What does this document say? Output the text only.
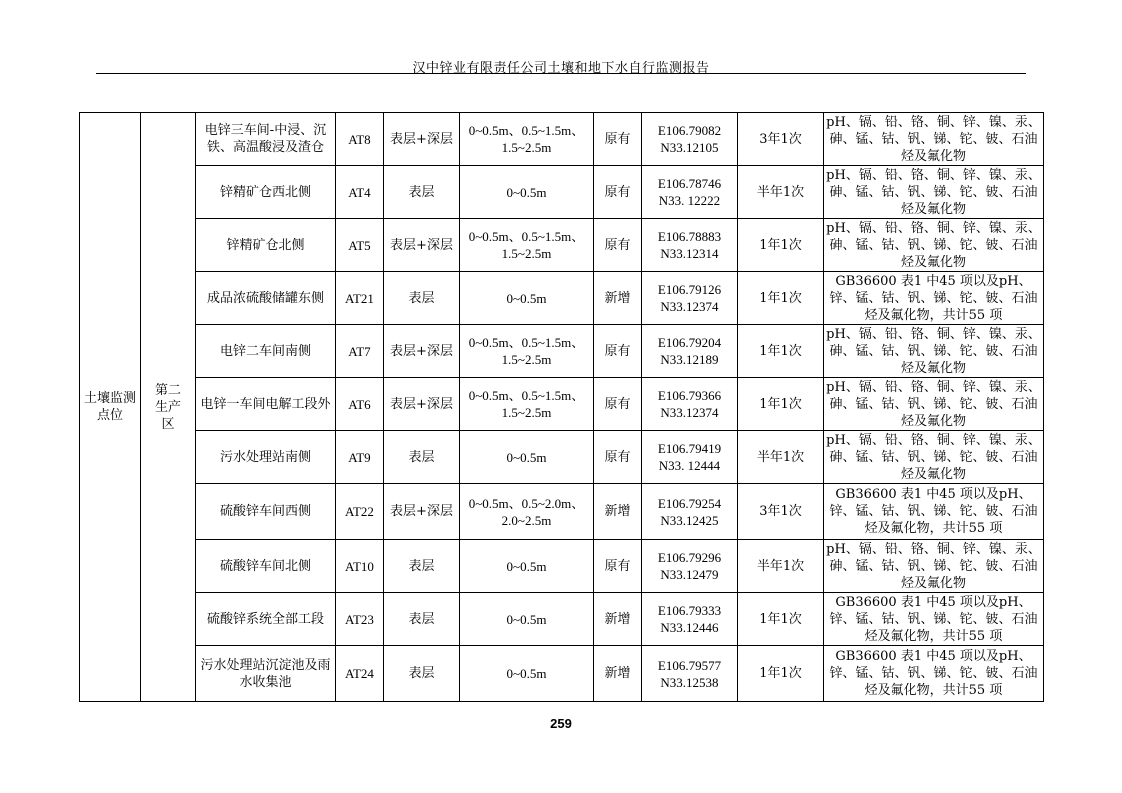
汉中锌业有限责任公司土壤和地下水自行监测报告
土壤监测点位	第二生产区	电锌三车间-中浸、沉铁、高温酸浸及渣仓	AT8	表层+深层	0~0.5m、0.5~1.5m、1.5~2.5m	原有	E106.79082
N33.12105	3年1次	pH、镉、铅、铬、铜、锌、镍、汞、砷、锰、钴、钒、锑、铊、铍、石油烃及氟化物
		锌精矿仓西北侧	AT4	表层	0~0.5m	原有	E106.78746
N33. 12222	半年1次	pH、镉、铅、铬、铜、锌、镍、汞、砷、锰、钴、钒、锑、铊、铍、石油烃及氟化物
		锌精矿仓北侧	AT5	表层+深层	0~0.5m、0.5~1.5m、1.5~2.5m	原有	E106.78883
N33.12314	1年1次	pH、镉、铅、铬、铜、锌、镍、汞、砷、锰、钴、钒、锑、铊、铍、石油烃及氟化物
		成品浓硫酸储罐东侧	AT21	表层	0~0.5m	新增	E106.79126
N33.12374	1年1次	GB36600 表1 中45 项以及pH、锌、锰、钴、钒、锑、铊、铍、石油烃及氟化物，共计55 项
		电锌二车间南侧	AT7	表层+深层	0~0.5m、0.5~1.5m、1.5~2.5m	原有	E106.79204
N33.12189	1年1次	pH、镉、铅、铬、铜、锌、镍、汞、砷、锰、钴、钒、锑、铊、铍、石油烃及氟化物
		电锌一车间电解工段外	AT6	表层+深层	0~0.5m、0.5~1.5m、1.5~2.5m	原有	E106.79366
N33.12374	1年1次	pH、镉、铅、铬、铜、锌、镍、汞、砷、锰、钴、钒、锑、铊、铍、石油烃及氟化物
		污水处理站南侧	AT9	表层	0~0.5m	原有	E106.79419
N33. 12444	半年1次	pH、镉、铅、铬、铜、锌、镍、汞、砷、锰、钴、钒、锑、铊、铍、石油烃及氟化物
		硫酸锌车间西侧	AT22	表层+深层	0~0.5m、0.5~2.0m、2.0~2.5m	新增	E106.79254
N33.12425	3年1次	GB36600 表1 中45 项以及pH、锌、锰、钴、钒、锑、铊、铍、石油烃及氟化物，共计55 项
		硫酸锌车间北侧	AT10	表层	0~0.5m	原有	E106.79296
N33.12479	半年1次	pH、镉、铅、铬、铜、锌、镍、汞、砷、锰、钴、钒、锑、铊、铍、石油烃及氟化物
		硫酸锌系统全部工段	AT23	表层	0~0.5m	新增	E106.79333
N33.12446	1年1次	GB36600 表1 中45 项以及pH、锌、锰、钴、钒、锑、铊、铍、石油烃及氟化物，共计55 项
		污水处理站沉淀池及雨水收集池	AT24	表层	0~0.5m	新增	E106.79577
N33.12538	1年1次	GB36600 表1 中45 项以及pH、锌、锰、钴、钒、锑、铊、铍、石油烃及氟化物，共计55 项
259
